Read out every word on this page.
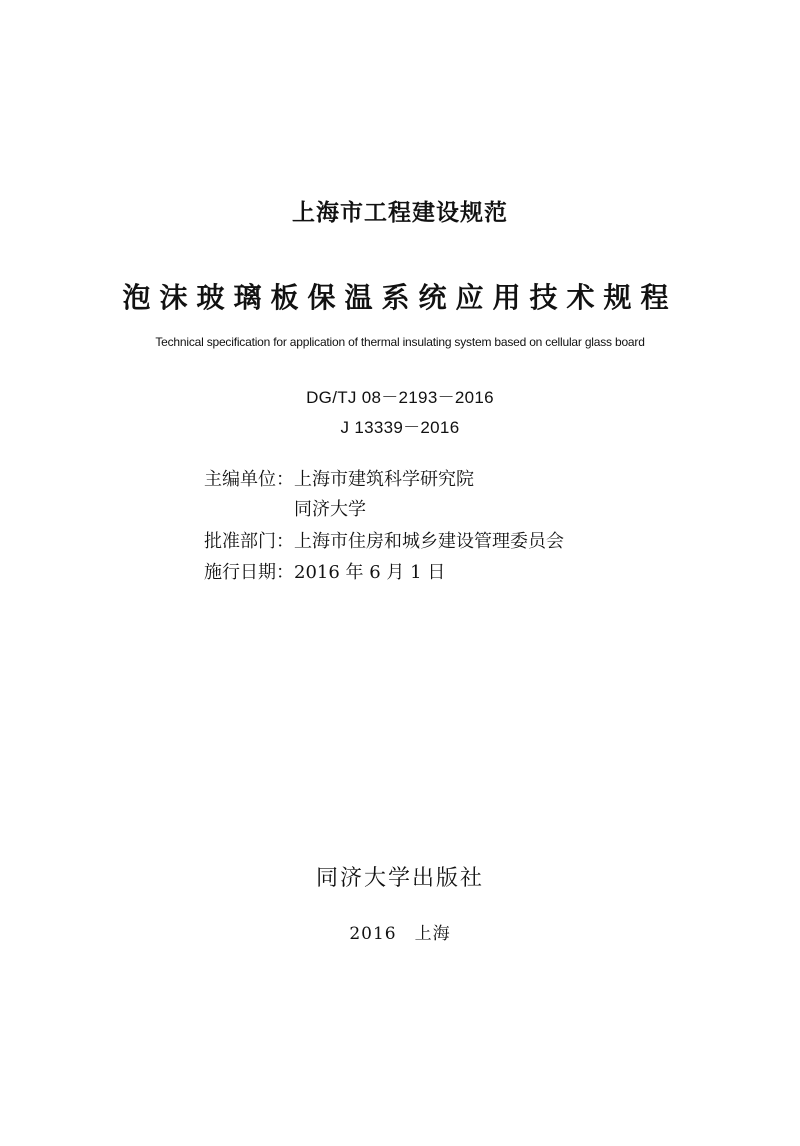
上海市工程建设规范
泡沫玻璃板保温系统应用技术规程
Technical specification for application of thermal insulating system based on cellular glass board
DG/TJ 08－2193－2016
J 13339－2016
主编单位：上海市建筑科学研究院
同济大学
批准部门：上海市住房和城乡建设管理委员会
施行日期：2016 年 6 月 1 日
同济大学出版社
2016　上海
